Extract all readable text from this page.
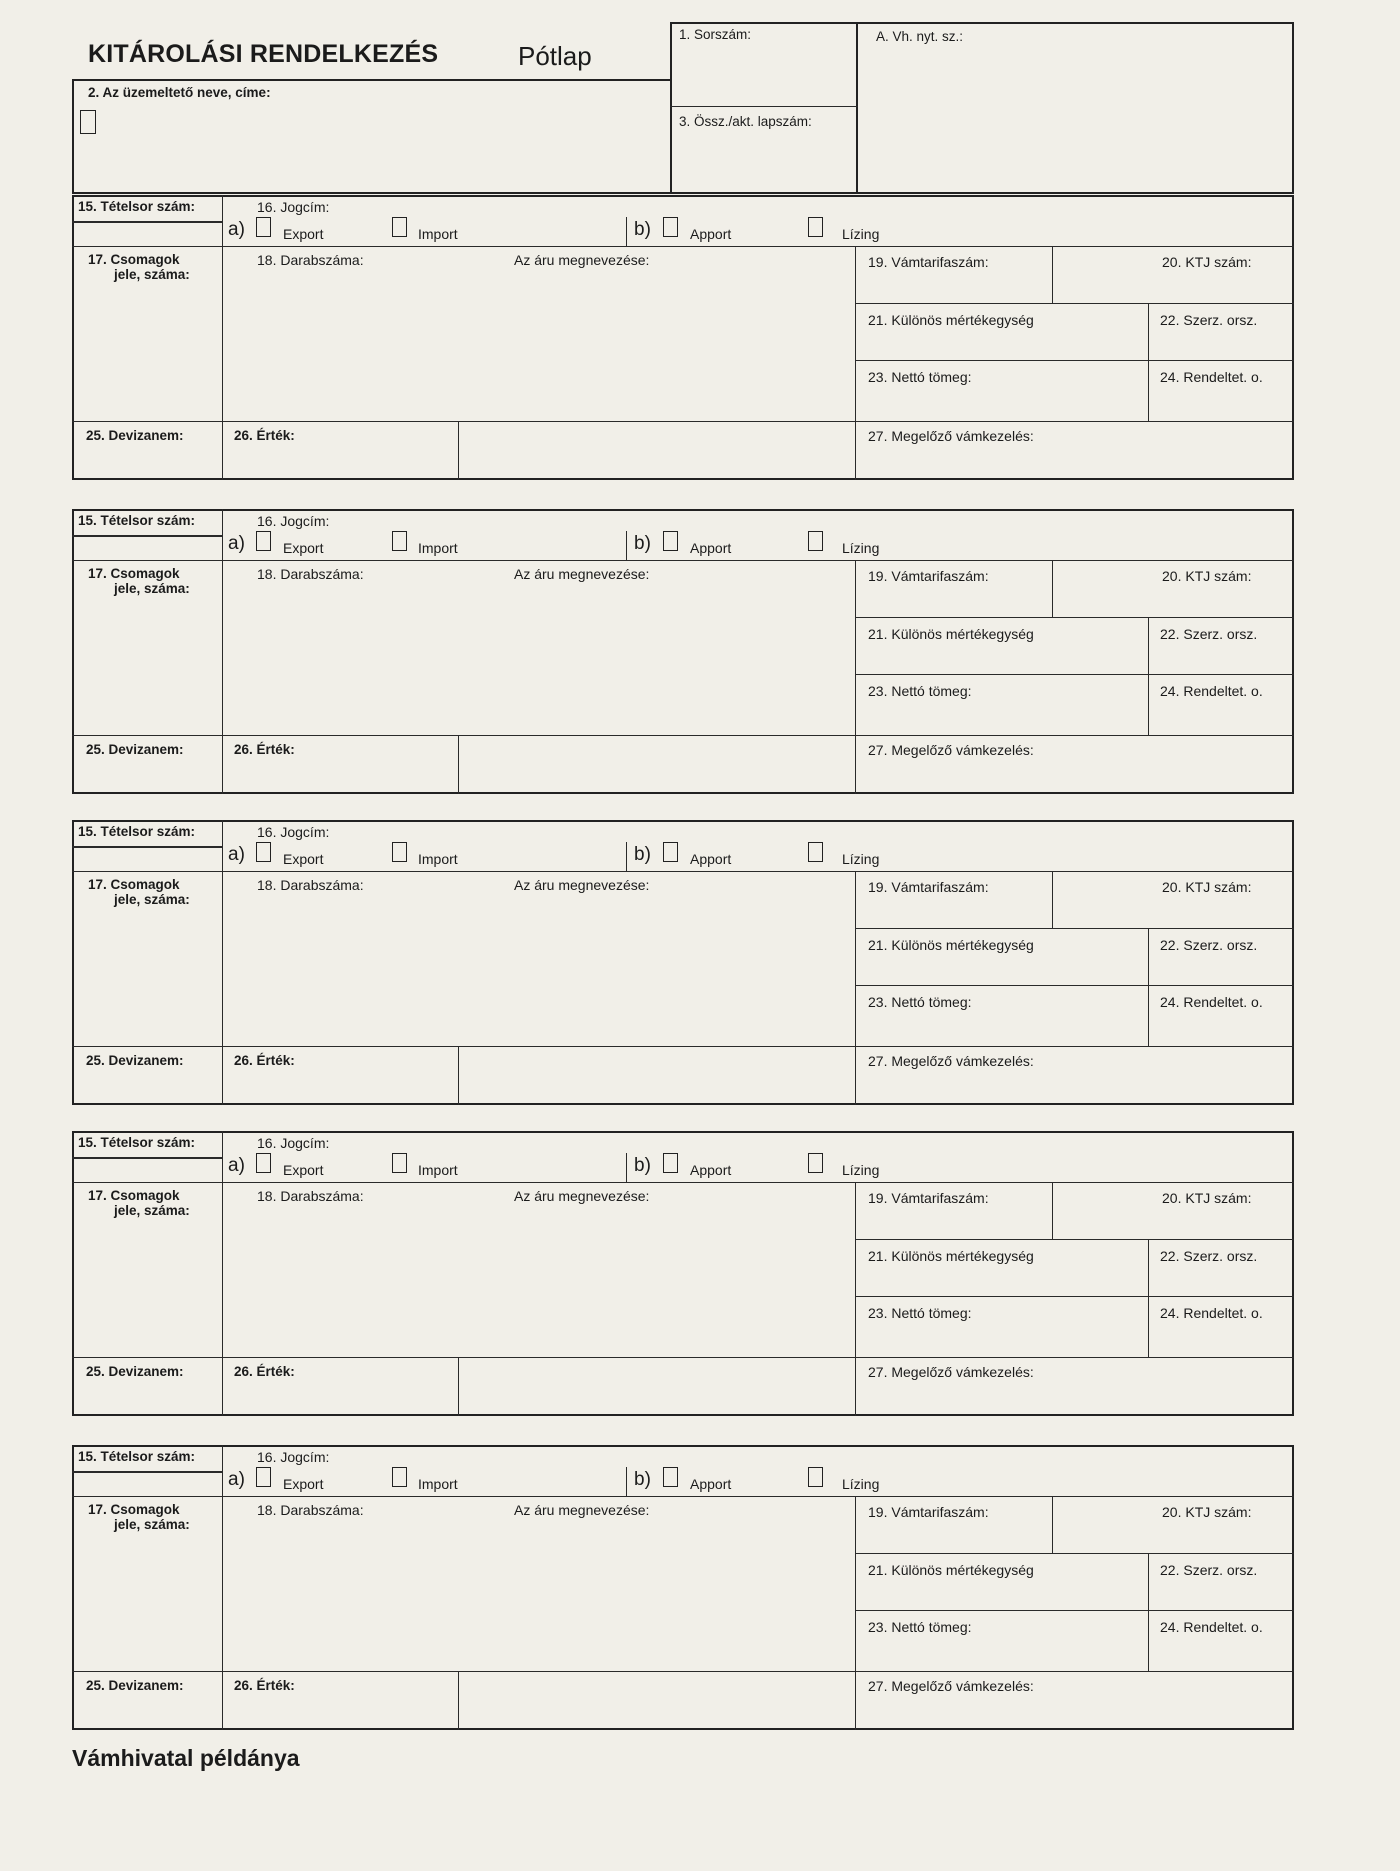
KITÁROLÁSI RENDELKEZÉS	Pótlap
1. Sorszám:	A. Vh. nyt. sz.:
2. Az üzemeltető neve, címe:
3. Össz./akt. lapszám:
15. Tételsor szám:	16. Jogcím:
a)	Export	Import	b)	Apport	Lízing
17. Csomagok
jele, száma:
18. Darabszáma:	Az áru megnevezése:	19. Vámtarifaszám:	20. KTJ szám:
21. Különös mértékegység	22. Szerz. orsz.
23. Nettó tömeg:	24. Rendeltet. o.
25. Devizanem:	26. Érték:	27. Megelőző vámkezelés:
15. Tételsor szám:	16. Jogcím:
a)	Export	Import	b)	Apport	Lízing
17. Csomagok
jele, száma:
18. Darabszáma:	Az áru megnevezése:	19. Vámtarifaszám:	20. KTJ szám:
21. Különös mértékegység	22. Szerz. orsz.
23. Nettó tömeg:	24. Rendeltet. o.
25. Devizanem:	26. Érték:	27. Megelőző vámkezelés:
15. Tételsor szám:	16. Jogcím:
a)	Export	Import	b)	Apport	Lízing
17. Csomagok
jele, száma:
18. Darabszáma:	Az áru megnevezése:	19. Vámtarifaszám:	20. KTJ szám:
21. Különös mértékegység	22. Szerz. orsz.
23. Nettó tömeg:	24. Rendeltet. o.
25. Devizanem:	26. Érték:	27. Megelőző vámkezelés:
15. Tételsor szám:	16. Jogcím:
a)	Export	Import	b)	Apport	Lízing
17. Csomagok
jele, száma:
18. Darabszáma:	Az áru megnevezése:	19. Vámtarifaszám:	20. KTJ szám:
21. Különös mértékegység	22. Szerz. orsz.
23. Nettó tömeg:	24. Rendeltet. o.
25. Devizanem:	26. Érték:	27. Megelőző vámkezelés:
15. Tételsor szám:	16. Jogcím:
a)	Export	Import	b)	Apport	Lízing
17. Csomagok
jele, száma:
18. Darabszáma:	Az áru megnevezése:	19. Vámtarifaszám:	20. KTJ szám:
21. Különös mértékegység	22. Szerz. orsz.
23. Nettó tömeg:	24. Rendeltet. o.
25. Devizanem:	26. Érték:	27. Megelőző vámkezelés:
Vámhivatal példánya
